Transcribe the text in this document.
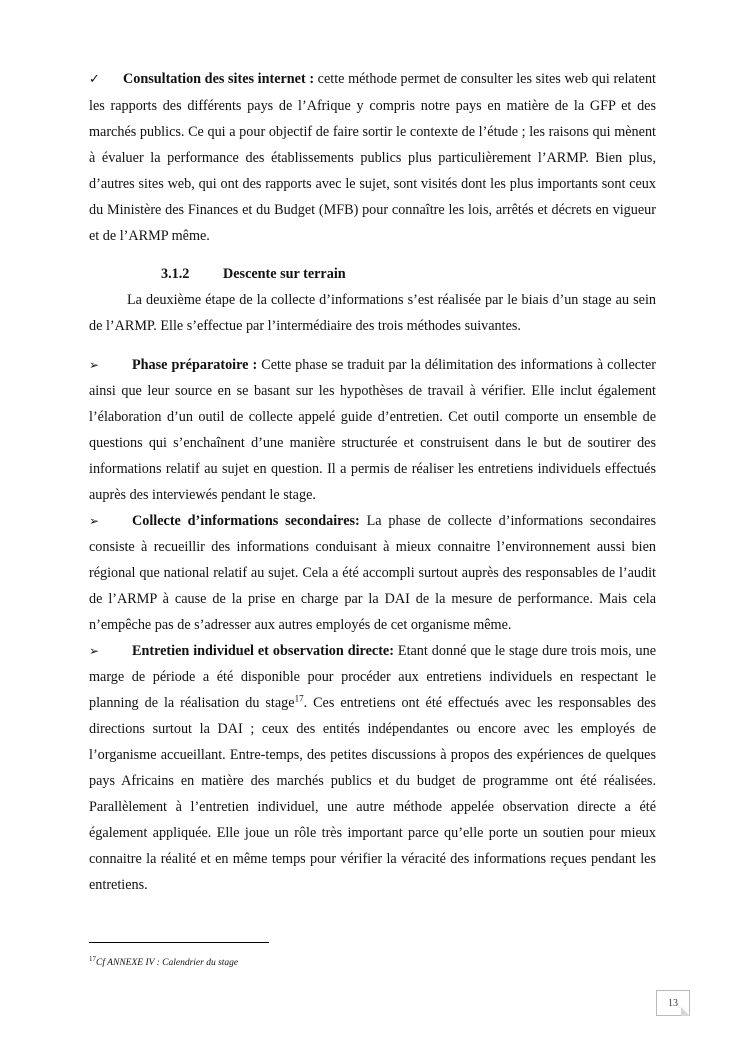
✓ Consultation des sites internet : cette méthode permet de consulter les sites web qui relatent les rapports des différents pays de l’Afrique y compris notre pays en matière de la GFP et des marchés publics. Ce qui a pour objectif de faire sortir le contexte de l’étude ; les raisons qui mènent à évaluer la performance des établissements publics plus particulièrement l’ARMP. Bien plus, d’autres sites web, qui ont des rapports avec le sujet, sont visités dont les plus importants sont ceux du Ministère des Finances et du Budget (MFB) pour connaître les lois, arrêtés et décrets en vigueur et de l’ARMP même.

3.1.2 Descente sur terrain

La deuxième étape de la collecte d’informations s’est réalisée par le biais d’un stage au sein de l’ARMP. Elle s’effectue par l’intermédiaire des trois méthodes suivantes.

➢ Phase préparatoire : Cette phase se traduit par la délimitation des informations à collecter ainsi que leur source en se basant sur les hypothèses de travail à vérifier. Elle inclut également l’élaboration d’un outil de collecte appelé guide d’entretien. Cet outil comporte un ensemble de questions qui s’enchaînent d’une manière structurée et construisent dans le but de soutirer des informations relatif au sujet en question. Il a permis de réaliser les entretiens individuels effectués auprès des interviewés pendant le stage.

➢ Collecte d’informations secondaires: La phase de collecte d’informations secondaires consiste à recueillir des informations conduisant à mieux connaitre l’environnement aussi bien régional que national relatif au sujet. Cela a été accompli surtout auprès des responsables de l’audit de l’ARMP à cause de la prise en charge par la DAI de la mesure de performance. Mais cela n’empêche pas de s’adresser aux autres employés de cet organisme même.

➢ Entretien individuel et observation directe: Etant donné que le stage dure trois mois, une marge de période a été disponible pour procéder aux entretiens individuels en respectant le planning de la réalisation du stage$^{17}$. Ces entretiens ont été effectués avec les responsables des directions surtout la DAI ; ceux des entités indépendantes ou encore avec les employés de l’organisme accueillant. Entre-temps, des petites discussions à propos des expériences de quelques pays Africains en matière des marchés publics et du budget de programme ont été réalisées. Parallèlement à l’entretien individuel, une autre méthode appelée observation directe a été également appliquée. Elle joue un rôle très important parce qu’elle porte un soutien pour mieux connaitre la réalité et en même temps pour vérifier la véracité des informations reçues pendant les entretiens.

$^{17}$Cf ANNEXE IV : Calendrier du stage
13
